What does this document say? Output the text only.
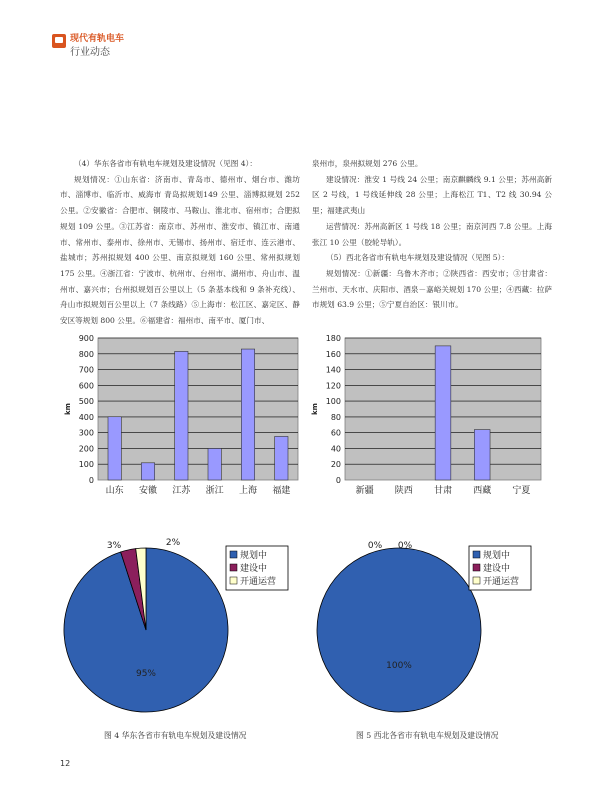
现代有轨电车
行业动态

（4）华东各省市有轨电车规划及建设情况（见图 4）：

规划情况：①山东省：济南市、青岛市、德州市、烟台市、潍坊市、淄博市、临沂市、威海市 青岛拟规划149 公里、淄博拟规划 252 公里。②安徽省：合肥市、铜陵市、马鞍山、淮北市、宿州市；合肥拟规划 109 公里。③江苏省：南京市、苏州市、淮安市、镇江市、南通市、常州市、泰州市、徐州市、无锡市、扬州市、宿迁市、连云港市、盐城市；苏州拟规划 400 公里、南京拟规划 160 公里、常州拟规划 175 公里。④浙江省：宁波市、杭州市、台州市、湖州市、舟山市、温州市、嘉兴市；台州拟规划百公里以上（5 条基本线和 9 条补充线）、舟山市拟规划百公里以上（7 条线路）⑤上海市：松江区、嘉定区、静安区等规划 800 公里。⑥福建省：福州市、南平市、厦门市、

泉州市，泉州拟规划 276 公里。

建设情况：淮安 1 号线 24 公里；南京麒麟线 9.1 公里；苏州高新区 2 号线，1 号线延伸线 28 公里；上海松江 T1、T2 线 30.94 公里；福建武夷山

运营情况：苏州高新区 1 号线 18 公里；南京河西 7.8 公里。上海张江 10 公里（胶轮导轨）。

（5）西北各省市有轨电车规划及建设情况（见图 5）：

规划情况：①新疆：乌鲁木齐市；②陕西省：西安市；③甘肃省：兰州市、天水市、庆阳市、酒泉－嘉峪关规划 170 公里；④西藏：拉萨市规划 63.9 公里；⑤宁夏自治区：银川市。

0
100
200
300
400
500
600
700
800
900
km
山东 安徽 江苏 浙江 上海 福建
0
20
40
60
80
100
120
140
160
180
km
新疆 陕西 甘肃 西藏 宁夏
95%
3%	2%
规划中
建设中
开通运营
100%
0% 0%
规划中
建设中
开通运营
图 4 华东各省市有轨电车规划及建设情况	图 5 西北各省市有轨电车规划及建设情况
12
